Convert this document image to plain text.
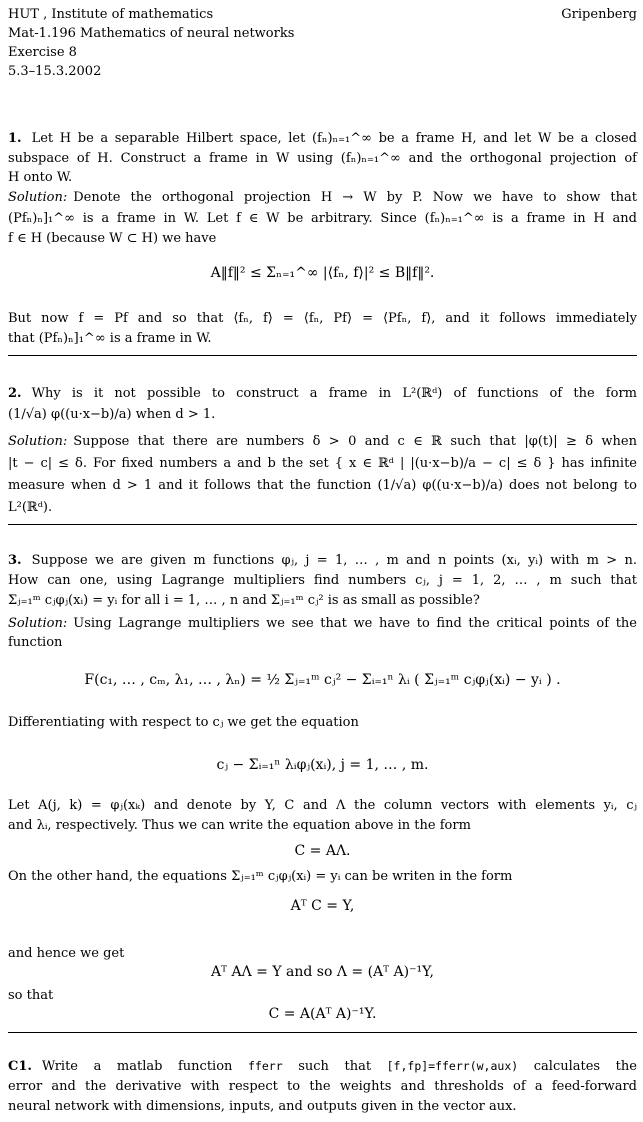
HUT , Institute of mathematics	Gripenberg
Mat-1.196 Mathematics of neural networks
Exercise 8
5.3–15.3.2002
1. Let H be a separable Hilbert space, let (fₙ)ₙ₌₁^∞ be a frame H, and let W be a closed
subspace of H. Construct a frame in W using (fₙ)ₙ₌₁^∞ and the orthogonal projection of
H onto W.
Solution: Denote the orthogonal projection H → W by P. Now we have to show that
(Pfₙ)ₙ]₁^∞ is a frame in W. Let f ∈ W be arbitrary. Since (fₙ)ₙ₌₁^∞ is a frame in H and
f ∈ H (because W ⊂ H) we have
A‖f‖² ≤ Σₙ₌₁^∞ |⟨fₙ, f⟩|² ≤ B‖f‖².
But now f = Pf and so that ⟨fₙ, f⟩ = ⟨fₙ, Pf⟩ = ⟨Pfₙ, f⟩, and it follows immediately
that (Pfₙ)ₙ]₁^∞ is a frame in W.
2. Why is it not possible to construct a frame in L²(ℝᵈ) of functions of the form
(1/√a) φ((u·x−b)/a) when d > 1.
Solution: Suppose that there are numbers δ > 0 and c ∈ ℝ such that |φ(t)| ≥ δ when
|t − c| ≤ δ. For fixed numbers a and b the set { x ∈ ℝᵈ | |(u·x−b)/a − c| ≤ δ } has infinite
measure when d > 1 and it follows that the function (1/√a) φ((u·x−b)/a) does not belong to
L²(ℝᵈ).
3. Suppose we are given m functions φⱼ, j = 1, … , m and n points (xᵢ, yᵢ) with m > n.
How can one, using Lagrange multipliers find numbers cⱼ, j = 1, 2, … , m such that
Σⱼ₌₁ᵐ cⱼφⱼ(xᵢ) = yᵢ for all i = 1, … , n and Σⱼ₌₁ᵐ cⱼ² is as small as possible?
Solution: Using Lagrange multipliers we see that we have to find the critical points of the
function
F(c₁, … , cₘ, λ₁, … , λₙ) = ½ Σⱼ₌₁ᵐ cⱼ² − Σᵢ₌₁ⁿ λᵢ ( Σⱼ₌₁ᵐ cⱼφⱼ(xᵢ) − yᵢ ) .
Differentiating with respect to cⱼ we get the equation
cⱼ − Σᵢ₌₁ⁿ λᵢφⱼ(xᵢ), j = 1, … , m.
Let A(j, k) = φⱼ(xₖ) and denote by Y, C and Λ the column vectors with elements yᵢ, cⱼ
and λᵢ, respectively. Thus we can write the equation above in the form
C = AΛ.
On the other hand, the equations Σⱼ₌₁ᵐ cⱼφⱼ(xᵢ) = yᵢ can be writen in the form
Aᵀ C = Y,
and hence we get
Aᵀ AΛ = Y and so Λ = (Aᵀ A)⁻¹Y,
so that
C = A(Aᵀ A)⁻¹Y.
C1. Write a matlab function fferr such that [f,fp]=fferr(w,aux) calculates the
error and the derivative with respect to the weights and thresholds of a feed-forward
neural network with dimensions, inputs, and outputs given in the vector aux.
